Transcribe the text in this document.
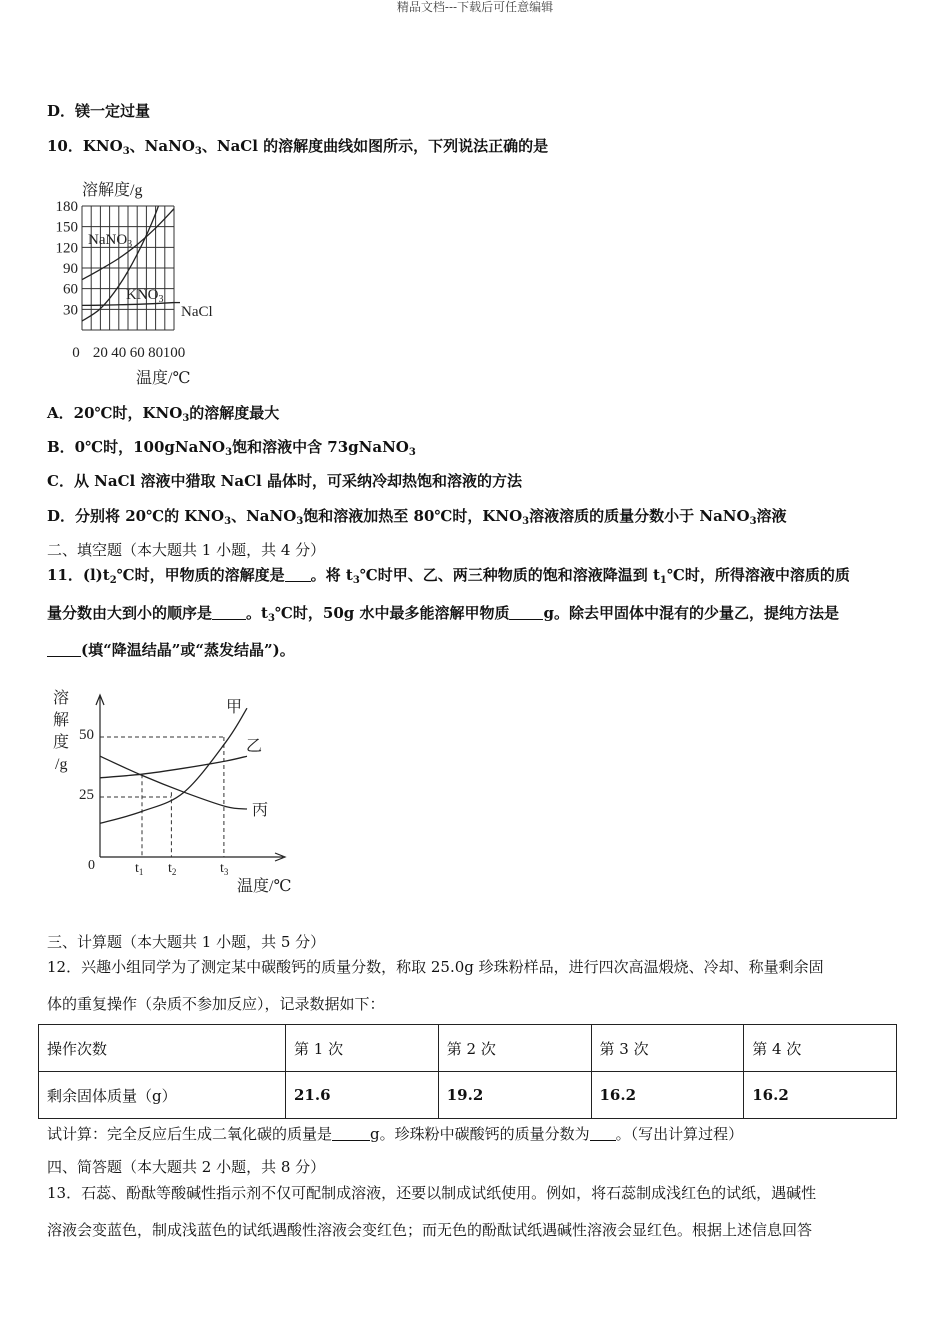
精品文档---下载后可任意编辑
D．镁一定过量
10．$KNO_3$、NaNO$_3$、NaCl 的溶解度曲线如图所示，下列说法正确的是
180
150
120
90
60
30
0 20 40 60 80 100
溶解度/g
温度/℃
NaNO$_3$
$KNO_3$
NaCl
A．20℃时，$KNO_3$的溶解度最大
B．0℃时，100gNaNO$_3$饱和溶液中含 73gNaNO$_3$
C．从 NaCl 溶液中猎取 NaCl 晶体时，可采纳冷却热饱和溶液的方法
D．分别将 20℃的 $KNO_3$、NaNO$_3$饱和溶液加热至 80℃时，$KNO_3$溶液溶质的质量分数小于 NaNO$_3$溶液
二、填空题（本大题共 1 小题，共 4 分）
11．$(l)t_2℃$时，甲物质的溶解度是 。将 $t_3℃$时甲、乙、两三种物质的饱和溶液降温到 $t_1℃$时，所得溶液中溶质的质
量分数由大到小的顺序是 。$t_3℃$时，50g 水中最多能溶解甲物质 g。除去甲固体中混有的少量乙，提纯方法是
(填“降温结晶”或“蒸发结晶”)。
溶
解
度
/g
50
25
0	$t_1$ $t_2$	$t_3$
温度/℃
甲
乙
丙
三、计算题（本大题共 1 小题，共 5 分）
12．兴趣小组同学为了测定某中碳酸钙的质量分数，称取 25.0g 珍珠粉样品，进行四次高温煅烧、冷却、称量剩余固
体的重复操作（杂质不参加反应），记录数据如下：
操作次数	第 1 次	第 2 次	第 3 次	第 4 次
剩余固体质量（g）	21.6	19.2	16.2	16.2
试计算：完全反应后生成二氧化碳的质量是	g。珍珠粉中碳酸钙的质量分数为 。（写出计算过程）
四、简答题（本大题共 2 小题，共 8 分）
13．石蕊、酚酞等酸碱性指示剂不仅可配制成溶液，还要以制成试纸使用。例如，将石蕊制成浅红色的试纸，遇碱性
溶液会变蓝色，制成浅蓝色的试纸遇酸性溶液会变红色；而无色的酚酞试纸遇碱性溶液会显红色。根据上述信息回答
